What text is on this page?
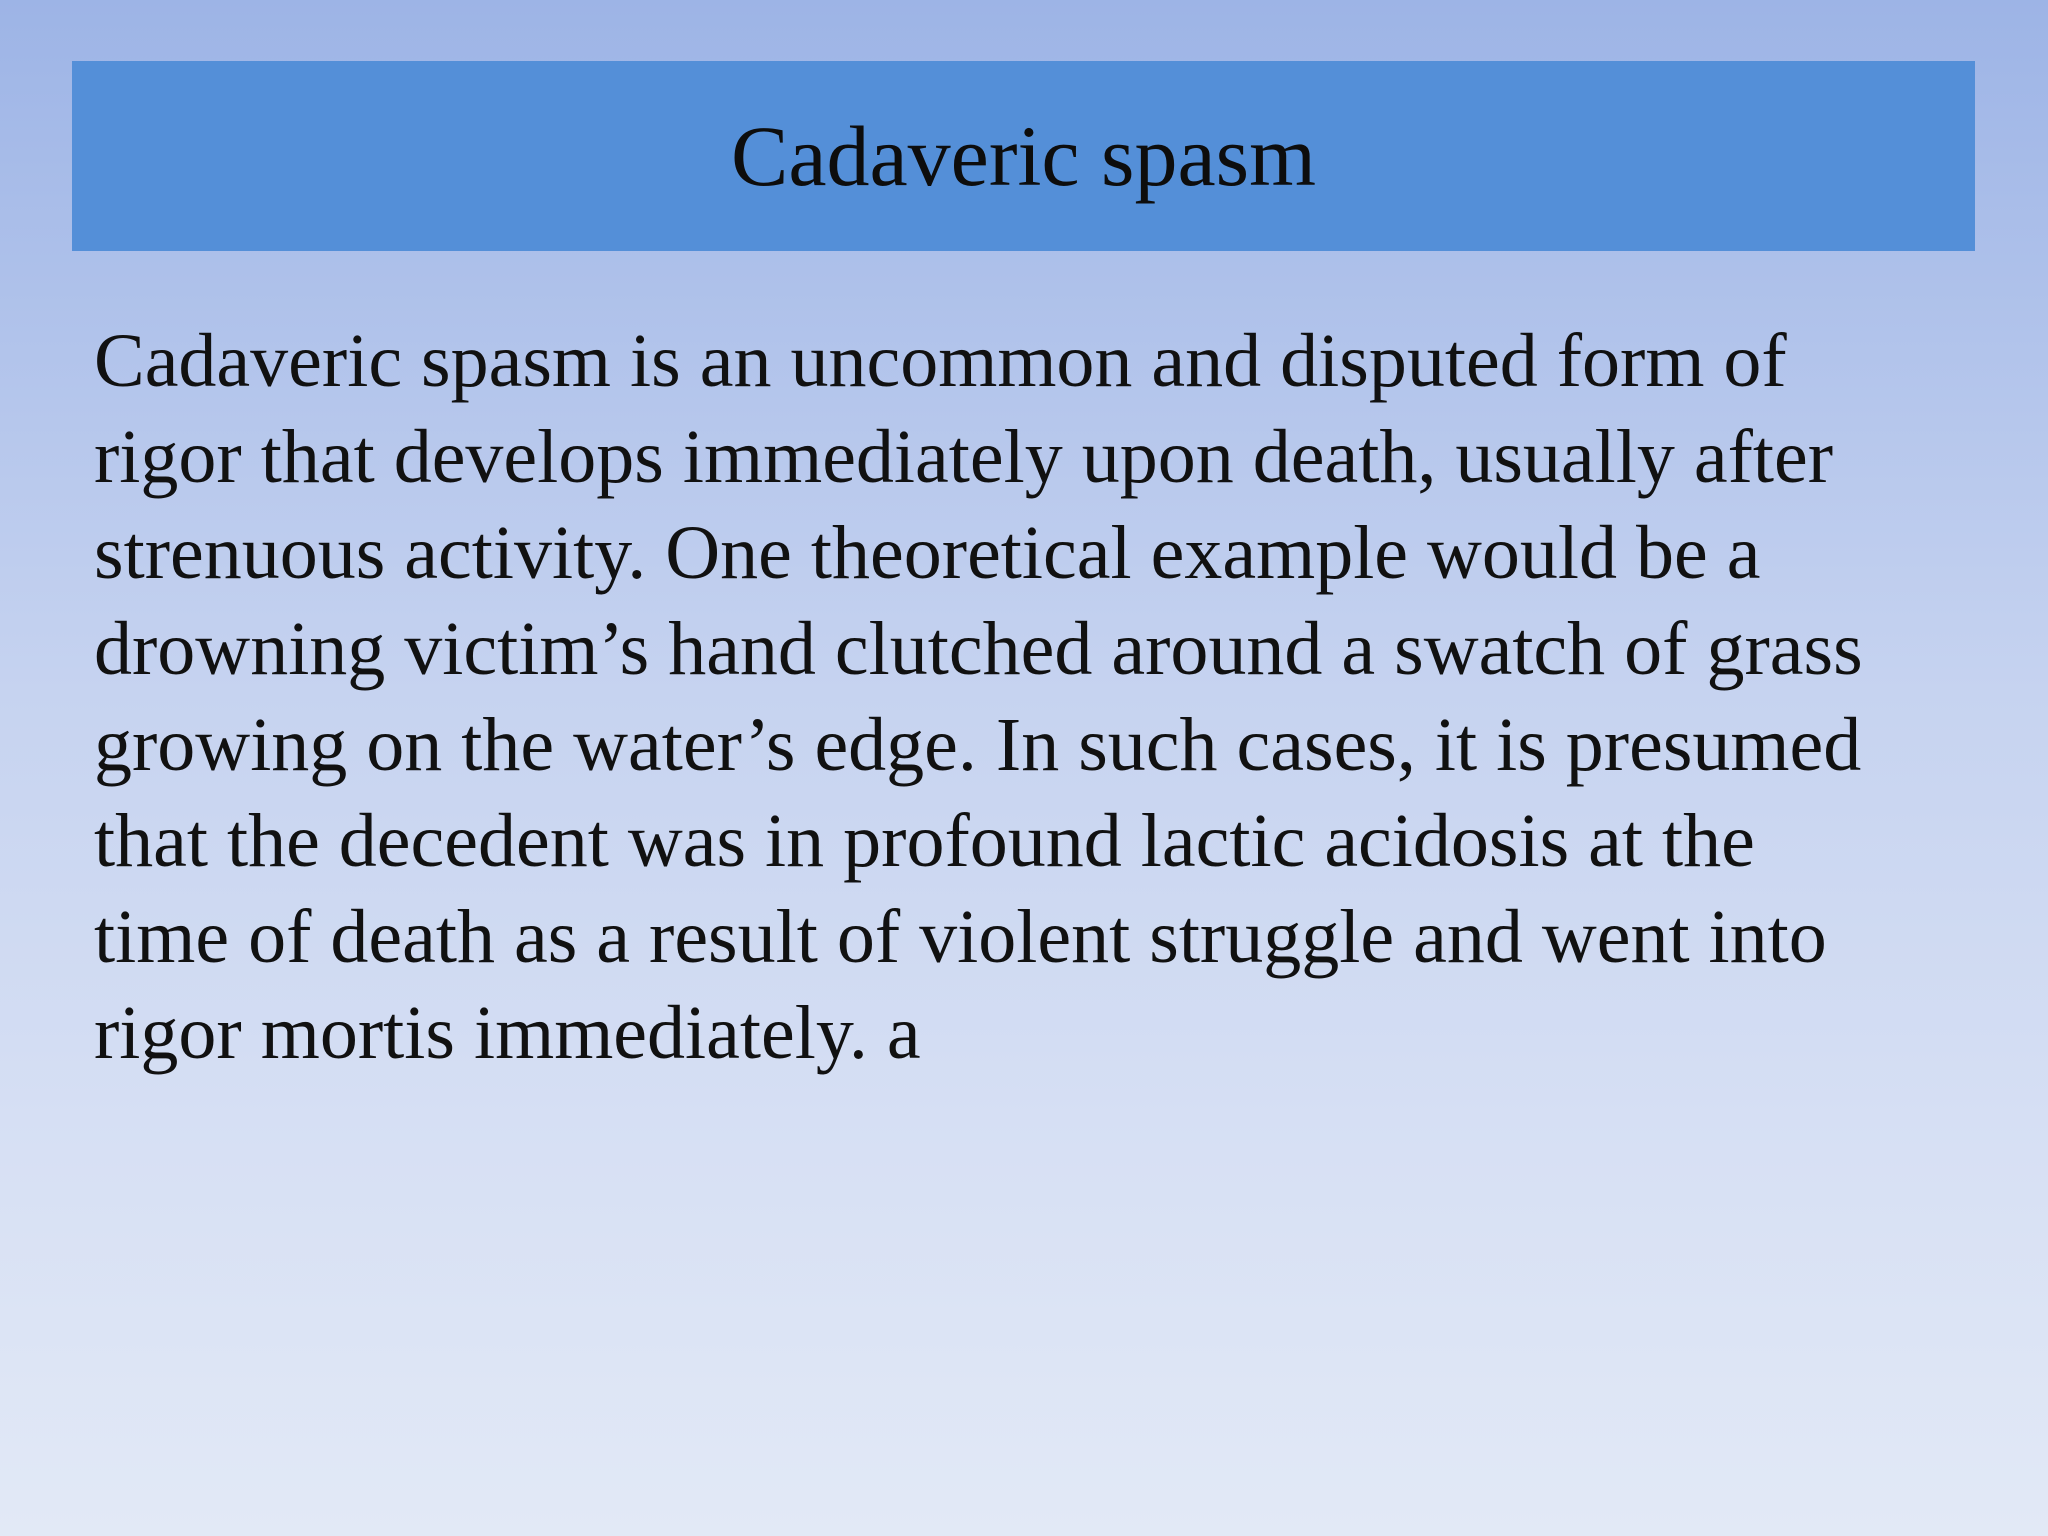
Cadaveric spasm

Cadaveric spasm is an uncommon and disputed form of
rigor that develops immediately upon death, usually after
strenuous activity. One theoretical example would be a
drowning victim’s hand clutched around a swatch of grass
growing on the water’s edge. In such cases, it is presumed
that the decedent was in profound lactic acidosis at the
time of death as a result of violent struggle and went into
rigor mortis immediately. a
